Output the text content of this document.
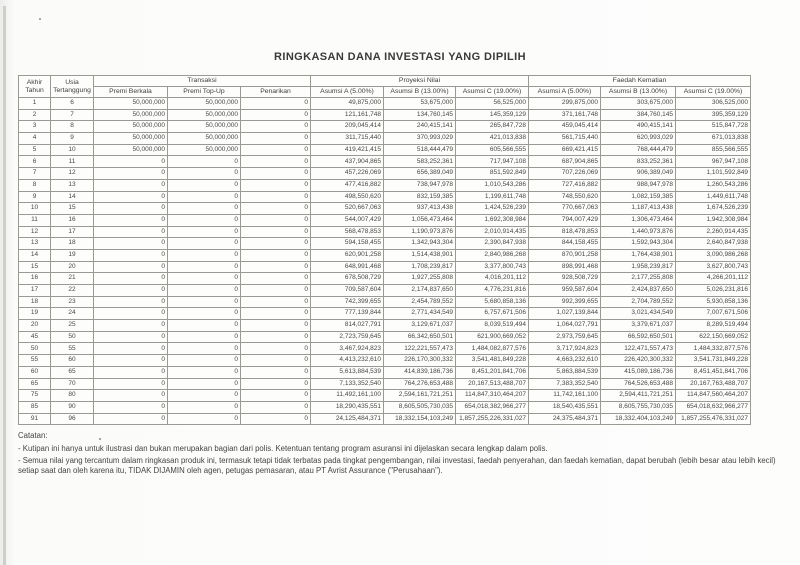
RINGKASAN DANA INVESTASI YANG DIPILIH
Akhir Tahun	Usia Tertanggung	Transaksi			Proyeksi Nilai			Faedah Kematian		
		Premi Berkala	Premi Top-Up	Penarikan	Asumsi A (5.00%)	Asumsi B (13.00%)	Asumsi C (19.00%)	Asumsi A (5.00%)	Asumsi B (13.00%)	Asumsi C (19.00%)
1	6	50,000,000	50,000,000	0	49,875,000	53,675,000	56,525,000	299,875,000	303,675,000	306,525,000
2	7	50,000,000	50,000,000	0	121,161,748	134,760,145	145,359,129	371,161,748	384,760,145	395,359,129
3	8	50,000,000	50,000,000	0	209,045,414	240,415,141	265,847,728	459,045,414	490,415,141	515,847,728
4	9	50,000,000	50,000,000	0	311,715,440	370,993,029	421,013,838	561,715,440	620,993,029	671,013,838
5	10	50,000,000	50,000,000	0	419,421,415	518,444,479	605,566,555	669,421,415	768,444,479	855,566,555
6	11	0	0	0	437,904,865	583,252,361	717,947,108	687,904,865	833,252,361	967,947,108
7	12	0	0	0	457,226,069	656,389,049	851,592,849	707,226,069	906,389,049	1,101,592,849
8	13	0	0	0	477,416,882	738,947,978	1,010,543,286	727,416,882	988,947,978	1,260,543,286
9	14	0	0	0	498,550,620	832,159,385	1,199,611,748	748,550,620	1,082,159,385	1,449,611,748
10	15	0	0	0	520,667,063	937,413,438	1,424,526,239	770,667,063	1,187,413,438	1,674,526,239
11	16	0	0	0	544,007,429	1,056,473,464	1,692,308,984	794,007,429	1,306,473,464	1,942,308,984
12	17	0	0	0	568,478,853	1,190,973,876	2,010,914,435	818,478,853	1,440,973,876	2,260,914,435
13	18	0	0	0	594,158,455	1,342,943,304	2,390,847,938	844,158,455	1,592,943,304	2,640,847,938
14	19	0	0	0	620,901,258	1,514,438,901	2,840,986,268	870,901,258	1,764,438,901	3,090,986,268
15	20	0	0	0	648,991,468	1,708,239,817	3,377,800,743	898,991,468	1,958,239,817	3,627,800,743
16	21	0	0	0	678,508,729	1,927,255,808	4,016,201,112	928,508,729	2,177,255,808	4,266,201,112
17	22	0	0	0	709,587,604	2,174,837,650	4,776,231,816	959,587,604	2,424,837,650	5,026,231,816
18	23	0	0	0	742,399,655	2,454,789,552	5,680,858,136	992,399,655	2,704,789,552	5,930,858,136
19	24	0	0	0	777,139,844	2,771,434,549	6,757,671,506	1,027,139,844	3,021,434,549	7,007,671,506
20	25	0	0	0	814,027,791	3,129,671,037	8,039,519,494	1,064,027,791	3,379,671,037	8,289,519,494
45	50	0	0	0	2,723,759,645	66,342,650,501	621,900,669,052	2,973,759,645	66,592,650,501	622,150,669,052
50	55	0	0	0	3,467,924,823	122,221,557,473	1,484,082,877,576	3,717,924,823	122,471,557,473	1,484,332,877,576
55	60	0	0	0	4,413,232,610	226,170,300,332	3,541,481,849,228	4,663,232,610	226,420,300,332	3,541,731,849,228
60	65	0	0	0	5,613,884,539	414,839,186,736	8,451,201,841,706	5,863,884,539	415,089,186,736	8,451,451,841,706
65	70	0	0	0	7,133,352,540	764,276,653,488	20,167,513,488,707	7,383,352,540	764,526,653,488	20,167,763,488,707
75	80	0	0	0	11,492,161,100	2,594,161,721,251	114,847,310,464,207	11,742,161,100	2,594,411,721,251	114,847,560,464,207
85	90	0	0	0	18,290,435,551	8,605,505,730,035	654,018,382,966,277	18,540,435,551	8,605,755,730,035	654,018,632,966,277
91	96	0	0	0	24,125,484,371	18,332,154,103,249	1,857,255,226,331,027	24,375,484,371	18,332,404,103,249	1,857,255,476,331,027
Catatan:
- Kutipan ini hanya untuk ilustrasi dan bukan merupakan bagian dari polis. Ketentuan tentang program asuransi ini dijelaskan secara lengkap dalam polis.
- Semua nilai yang tercantum dalam ringkasan produk ini, termasuk tetapi tidak terbatas pada tingkat pengembangan, nilai investasi, faedah penyerahan, dan faedah kematian, dapat berubah (lebih besar atau lebih kecil) setiap saat dan oleh karena itu, TIDAK DIJAMIN oleh agen, petugas pemasaran, atau PT Avrist Assurance ("Perusahaan").
